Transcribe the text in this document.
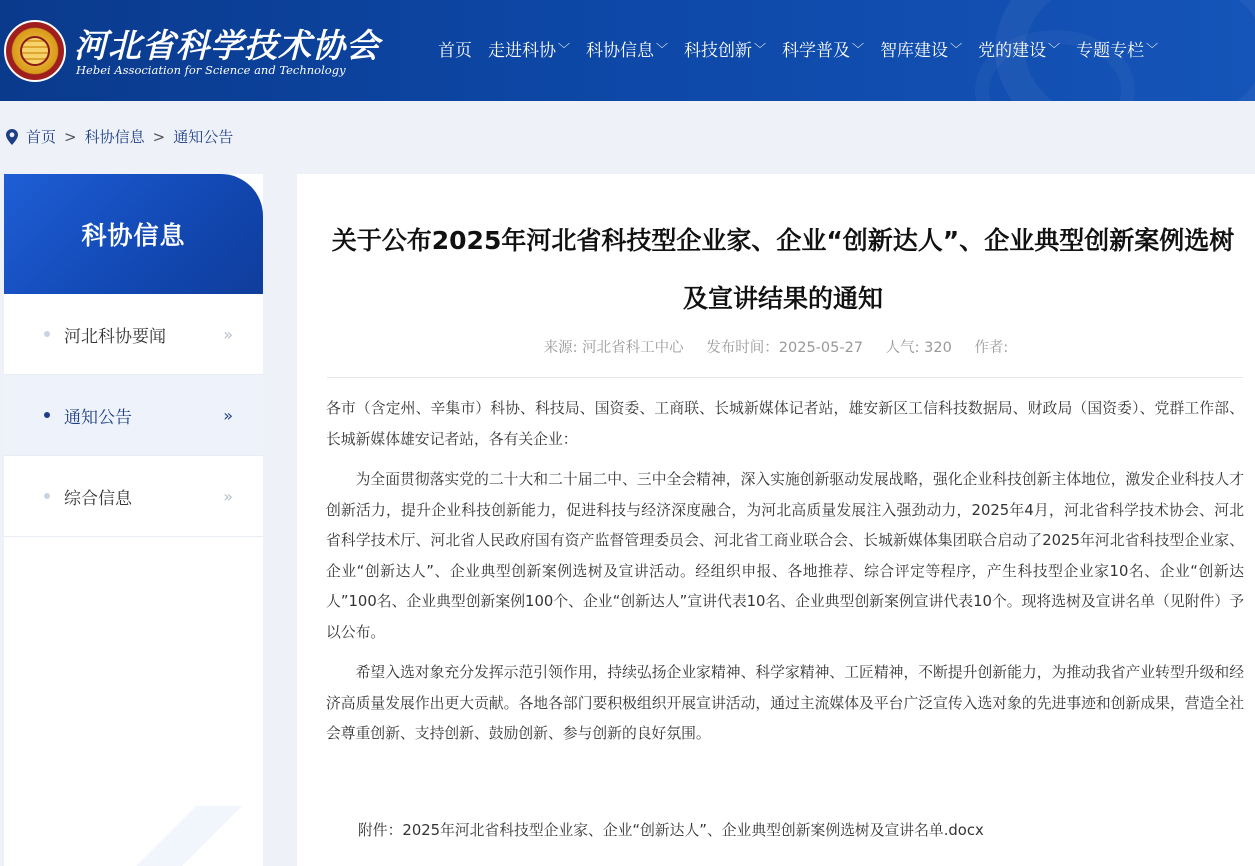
河北省科学技术协会
Hebei Association for Science and Technology
首页 走进科协 ﹀ 科协信息 ﹀ 科技创新 ﹀ 科学普及 ﹀ 智库建设 ﹀ 党的建设 ﹀ 专题专栏 ﹀
首页 > 科协信息 > 通知公告
科协信息
河北科协要闻	»
通知公告	»
综合信息	»
关于公布2025年河北省科技型企业家、企业“创新达人”、企业典型创新案例选树及宣讲结果的通知
来源: 河北省科工中心 发布时间：2025-05-27 人气: 320 作者:

各市（含定州、辛集市）科协、科技局、国资委、工商联、长城新媒体记者站，雄安新区工信科技数据局、财政局（国资委）、党群工作部、长城新媒体雄安记者站，各有关企业：

为全面贯彻落实党的二十大和二十届二中、三中全会精神，深入实施创新驱动发展战略，强化企业科技创新主体地位，激发企业科技人才创新活力，提升企业科技创新能力，促进科技与经济深度融合，为河北高质量发展注入强劲动力，2025年4月，河北省科学技术协会、河北省科学技术厅、河北省人民政府国有资产监督管理委员会、河北省工商业联合会、长城新媒体集团联合启动了2025年河北省科技型企业家、企业“创新达人”、企业典型创新案例选树及宣讲活动。经组织申报、各地推荐、综合评定等程序，产生科技型企业家10名、企业“创新达人”100名、企业典型创新案例100个、企业“创新达人”宣讲代表10名、企业典型创新案例宣讲代表10个。现将选树及宣讲名单（见附件）予以公布。

希望入选对象充分发挥示范引领作用，持续弘扬企业家精神、科学家精神、工匠精神，不断提升创新能力，为推动我省产业转型升级和经济高质量发展作出更大贡献。各地各部门要积极组织开展宣讲活动，通过主流媒体及平台广泛宣传入选对象的先进事迹和创新成果，营造全社会尊重创新、支持创新、鼓励创新、参与创新的良好氛围。

附件：2025年河北省科技型企业家、企业“创新达人”、企业典型创新案例选树及宣讲名单.docx
